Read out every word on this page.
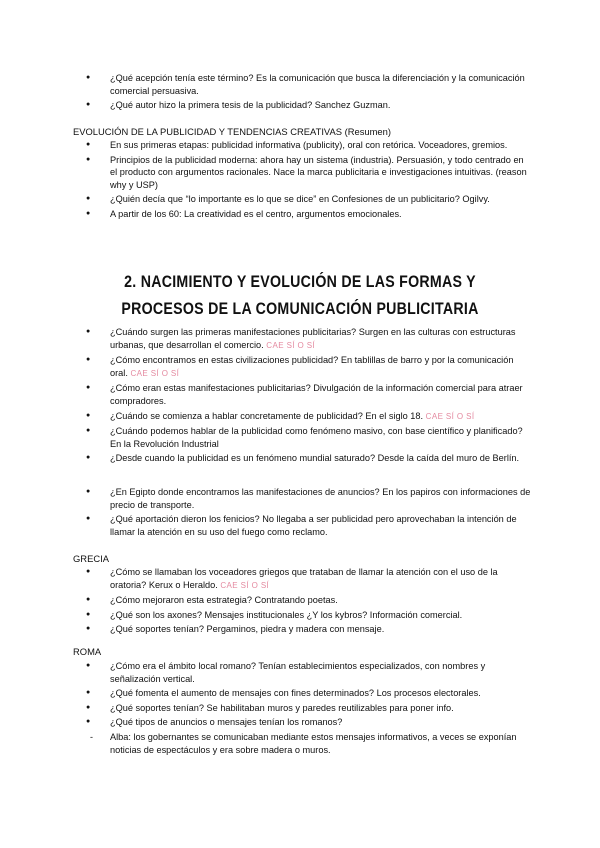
● ¿Qué acepción tenía este término? Es la comunicación que busca la diferenciación y la comunicación comercial persuasiva.
● ¿Qué autor hizo la primera tesis de la publicidad? Sanchez Guzman.
EVOLUCIÓN DE LA PUBLICIDAD Y TENDENCIAS CREATIVAS (Resumen)
● En sus primeras etapas: publicidad informativa (publicity), oral con retórica. Voceadores, gremios.
● Principios de la publicidad moderna: ahora hay un sistema (industria). Persuasión, y todo centrado en el producto con argumentos racionales. Nace la marca publicitaria e investigaciones intuitivas. (reason why y USP)
● ¿Quién decía que “lo importante es lo que se dice” en Confesiones de un publicitario? Ogilvy.
● A partir de los 60: La creatividad es el centro, argumentos emocionales.
2. NACIMIENTO Y EVOLUCIÓN DE LAS FORMAS Y
PROCESOS DE LA COMUNICACIÓN PUBLICITARIA
● ¿Cuándo surgen las primeras manifestaciones publicitarias? Surgen en las culturas con estructuras urbanas, que desarrollan el comercio. CAE SÍ O SÍ
● ¿Cómo encontramos en estas civilizaciones publicidad? En tablillas de barro y por la comunicación oral. CAE SÍ O SÍ
● ¿Cómo eran estas manifestaciones publicitarias? Divulgación de la información comercial para atraer compradores.
● ¿Cuándo se comienza a hablar concretamente de publicidad? En el siglo 18. CAE SÍ O SÍ
● ¿Cuándo podemos hablar de la publicidad como fenómeno masivo, con base científico y planificado? En la Revolución Industrial
● ¿Desde cuando la publicidad es un fenómeno mundial saturado? Desde la caída del muro de Berlín.
● ¿En Egipto donde encontramos las manifestaciones de anuncios? En los papiros con informaciones de precio de transporte.
● ¿Qué aportación dieron los fenicios? No llegaba a ser publicidad pero aprovechaban la intención de llamar la atención en su uso del fuego como reclamo.
GRECIA
● ¿Cómo se llamaban los voceadores griegos que trataban de llamar la atención con el uso de la oratoria? Kerux o Heraldo. CAE SÍ O SÍ
● ¿Cómo mejoraron esta estrategia? Contratando poetas.
● ¿Qué son los axones? Mensajes institucionales ¿Y los kybros? Información comercial.
● ¿Qué soportes tenían? Pergaminos, piedra y madera con mensaje.
ROMA
● ¿Cómo era el ámbito local romano? Tenían establecimientos especializados, con nombres y señalización vertical.
● ¿Qué fomenta el aumento de mensajes con fines determinados? Los procesos electorales.
● ¿Qué soportes tenían? Se habilitaban muros y paredes reutilizables para poner info.
● ¿Qué tipos de anuncios o mensajes tenían los romanos?
- Alba: los gobernantes se comunicaban mediante estos mensajes informativos, a veces se exponían noticias de espectáculos y era sobre madera o muros.
